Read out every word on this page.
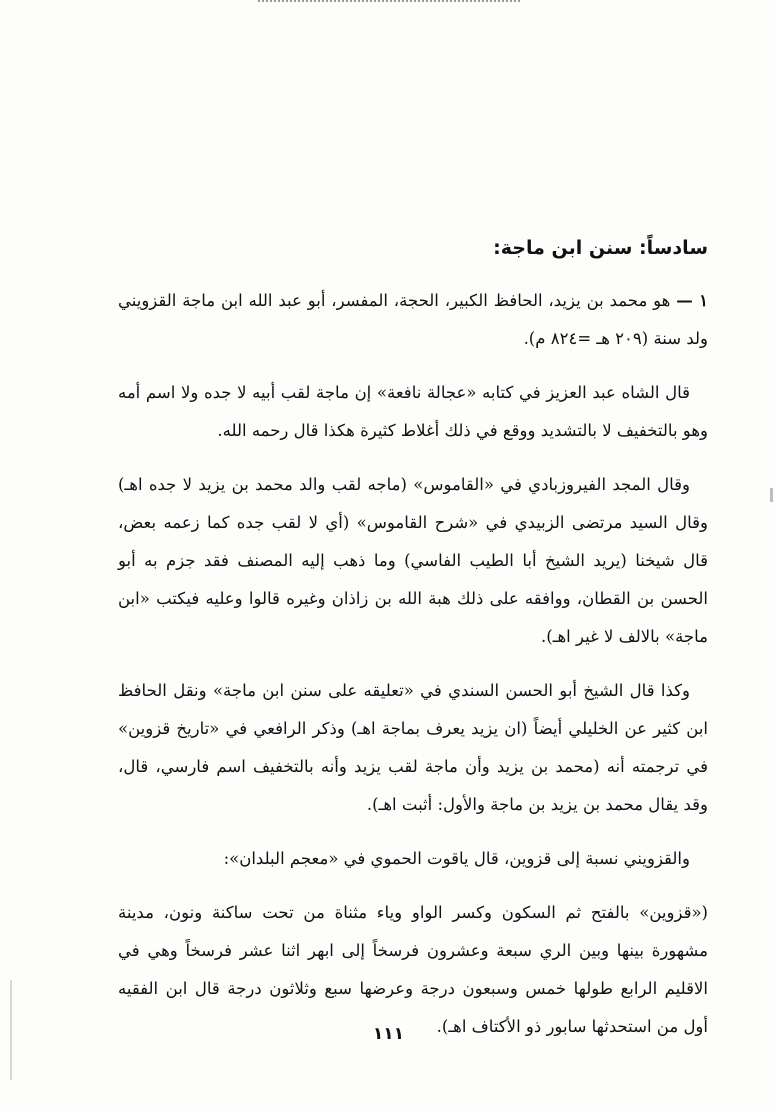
سادساً: سنن ابن ماجة:

١ — هو محمد بن يزيد، الحافظ الكبير، الحجة، المفسر، أبو عبد الله ابن ماجة القزويني ولد سنة (٢٠٩ هـ =٨٢٤ م).

قال الشاه عبد العزيز في كتابه «عجالة نافعة» إن ماجة لقب أبيه لا جده ولا اسم أمه وهو بالتخفيف لا بالتشديد ووقع في ذلك أغلاط كثيرة هكذا قال رحمه الله.

وقال المجد الفيروزبادي في «القاموس» (ماجه لقب والد محمد بن يزيد لا جده اهـ) وقال السيد مرتضى الزبيدي في «شرح القاموس» (أي لا لقب جده كما زعمه بعض، قال شيخنا (يريد الشيخ أبا الطيب الفاسي) وما ذهب إليه المصنف فقد جزم به أبو الحسن بن القطان، ووافقه على ذلك هبة الله بن زاذان وغيره قالوا وعليه فيكتب «ابن ماجة» بالالف لا غير اهـ).

وكذا قال الشيخ أبو الحسن السندي في «تعليقه على سنن ابن ماجة» ونقل الحافظ ابن كثير عن الخليلي أيضاً (ان يزيد يعرف بماجة اهـ) وذكر الرافعي في «تاريخ قزوين» في ترجمته أنه (محمد بن يزيد وأن ماجة لقب يزيد وأنه بالتخفيف اسم فارسي، قال، وقد يقال محمد بن يزيد بن ماجة والأول: أثبت اهـ).

والقزويني نسبة إلى قزوين، قال ياقوت الحموي في «معجم البلدان»:

(«قزوين» بالفتح ثم السكون وكسر الواو وياء مثناة من تحت ساكنة ونون، مدينة مشهورة بينها وبين الري سبعة وعشرون فرسخاً إلى ابهر اثنا عشر فرسخاً وهي في الاقليم الرابع طولها خمس وسبعون درجة وعرضها سبع وثلاثون درجة قال ابن الفقيه أول من استحدثها سابور ذو الأكتاف اهـ).

١١١
